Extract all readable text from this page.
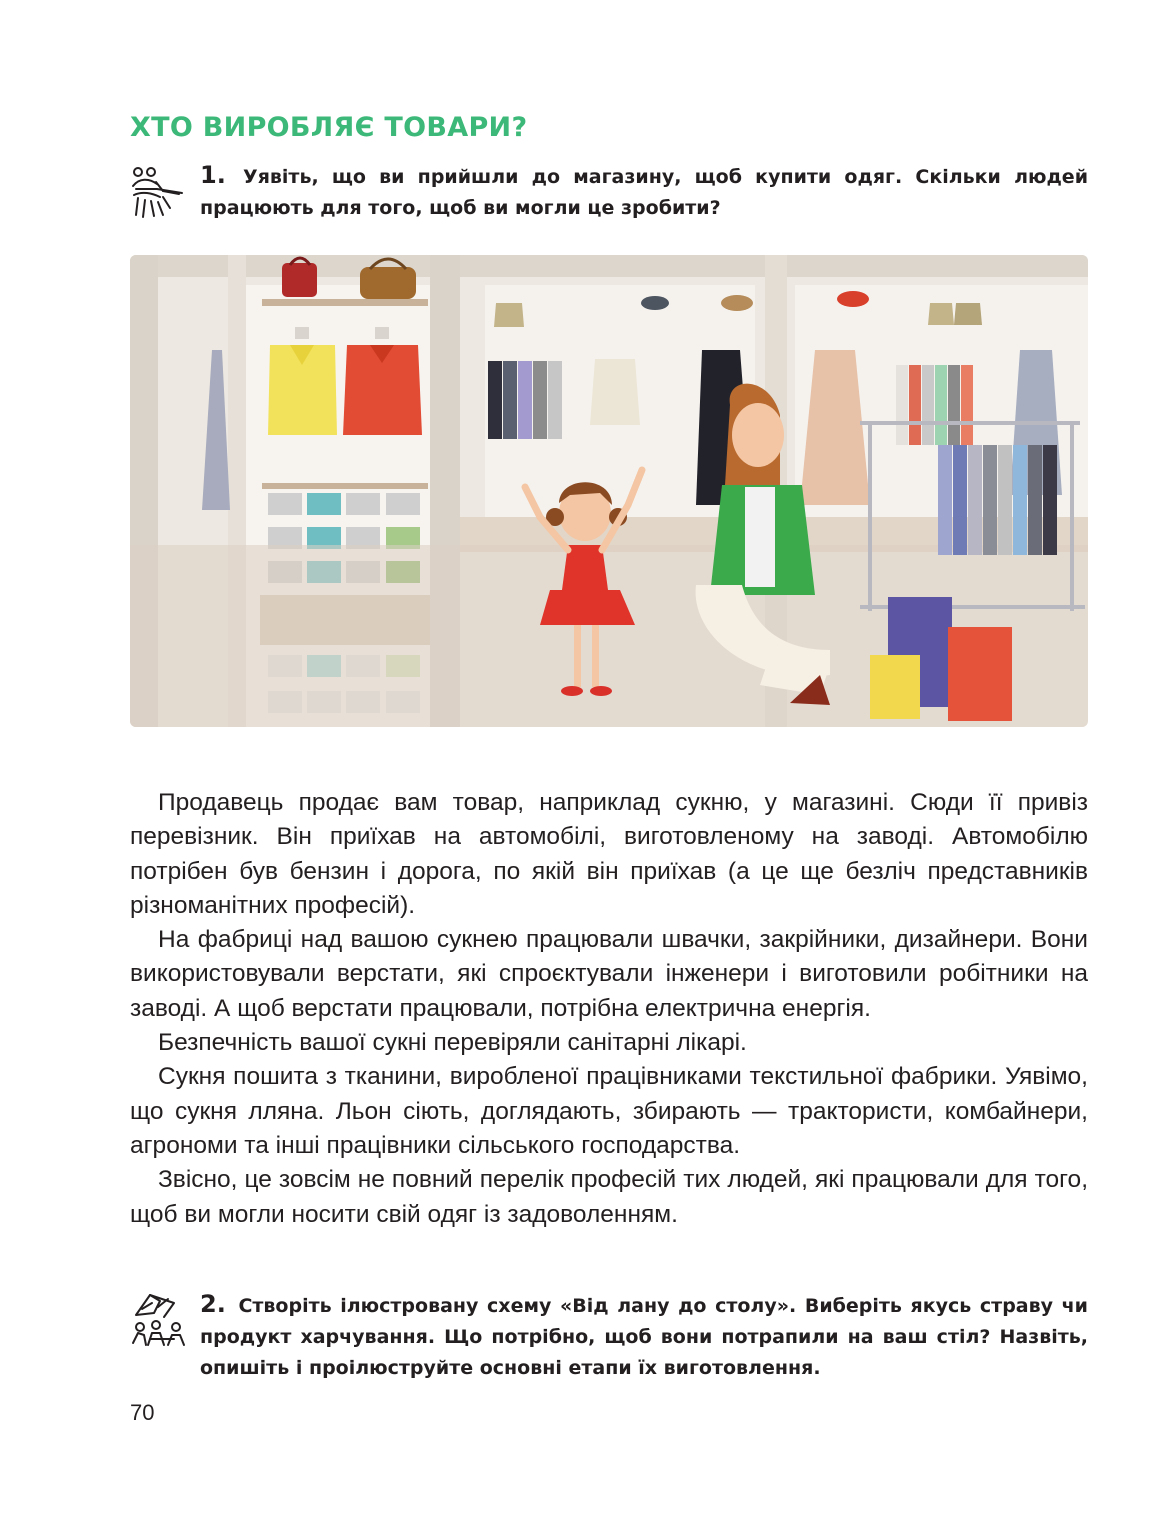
ХТО ВИРОБЛЯЄ ТОВАРИ?

1. Уявіть, що ви прийшли до магазину, щоб купити одяг. Скільки людей працюють для того, щоб ви могли це зробити?

Продавець продає вам товар, наприклад сукню, у магазині. Сюди її привіз перевізник. Він приїхав на автомобілі, виготовленому на заводі. Автомобілю потрібен був бензин і дорога, по якій він приїхав (а це ще безліч представників різноманітних професій).

На фабриці над вашою сукнею працювали швачки, закрійники, дизайнери. Вони використовували верстати, які спроєктували інженери і виготовили робітники на заводі. А щоб верстати працювали, потрібна електрична енергія.

Безпечність вашої сукні перевіряли санітарні лікарі.

Сукня пошита з тканини, виробленої працівниками текстильної фабрики. Уявімо, що сукня лляна. Льон сіють, доглядають, збирають — трактористи, комбайнери, агрономи та інші працівники сільського господарства.

Звісно, це зовсім не повний перелік професій тих людей, які працювали для того, щоб ви могли носити свій одяг із задоволенням.

2. Створіть ілюстровану схему «Від лану до столу». Виберіть якусь страву чи продукт харчування. Що потрібно, щоб вони потрапили на ваш стіл? Назвіть, опишіть і проілюструйте основні етапи їх виготовлення.

70
